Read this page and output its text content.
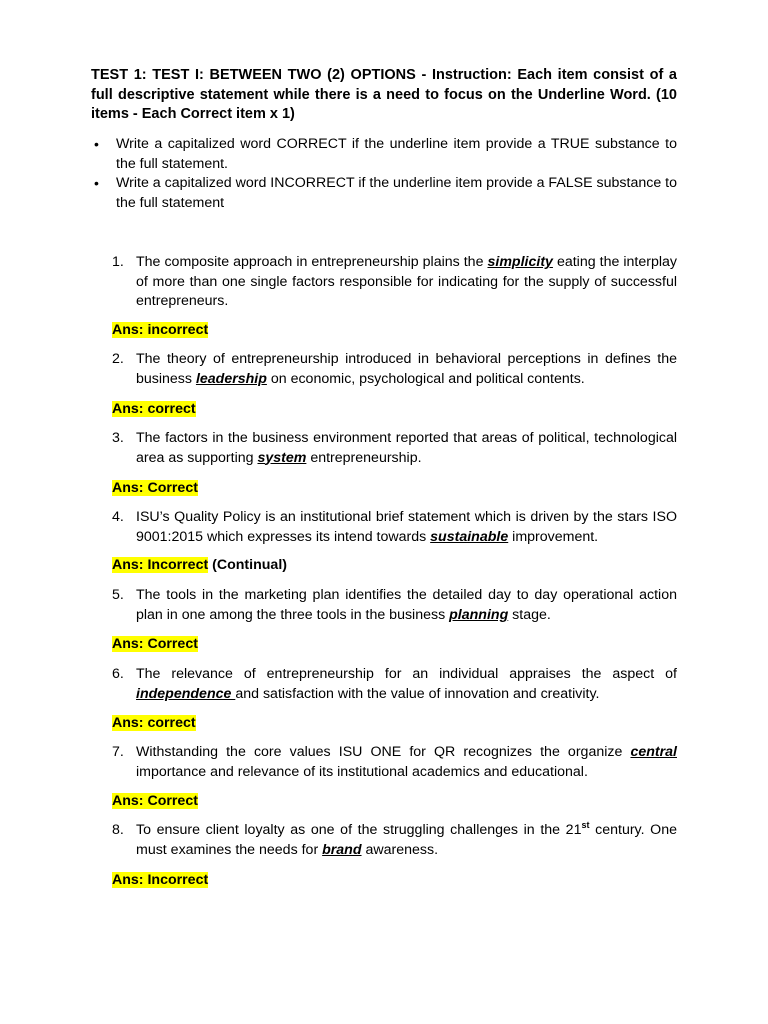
TEST 1: TEST I: BETWEEN TWO (2) OPTIONS - Instruction: Each item consist of a full descriptive statement while there is a need to focus on the Underline Word. (10 items - Each Correct item x 1)

• Write a capitalized word CORRECT if the underline item provide a TRUE substance to the full statement.
• Write a capitalized word INCORRECT if the underline item provide a FALSE substance to the full statement

1. The composite approach in entrepreneurship plains the simplicity eating the interplay of more than one single factors responsible for indicating for the supply of successful entrepreneurs.

Ans: incorrect

2. The theory of entrepreneurship introduced in behavioral perceptions in defines the business leadership on economic, psychological and political contents.

Ans: correct

3. The factors in the business environment reported that areas of political, technological area as supporting system entrepreneurship.

Ans: Correct

4. ISU’s Quality Policy is an institutional brief statement which is driven by the stars ISO 9001:2015 which expresses its intend towards sustainable improvement.

Ans: Incorrect (Continual)

5. The tools in the marketing plan identifies the detailed day to day operational action plan in one among the three tools in the business planning stage.

Ans: Correct

6. The relevance of entrepreneurship for an individual appraises the aspect of independence and satisfaction with the value of innovation and creativity.

Ans: correct

7. Withstanding the core values ISU ONE for QR recognizes the organize central importance and relevance of its institutional academics and educational.

Ans: Correct

8. To ensure client loyalty as one of the struggling challenges in the 21st century. One must examines the needs for brand awareness.

Ans: Incorrect
